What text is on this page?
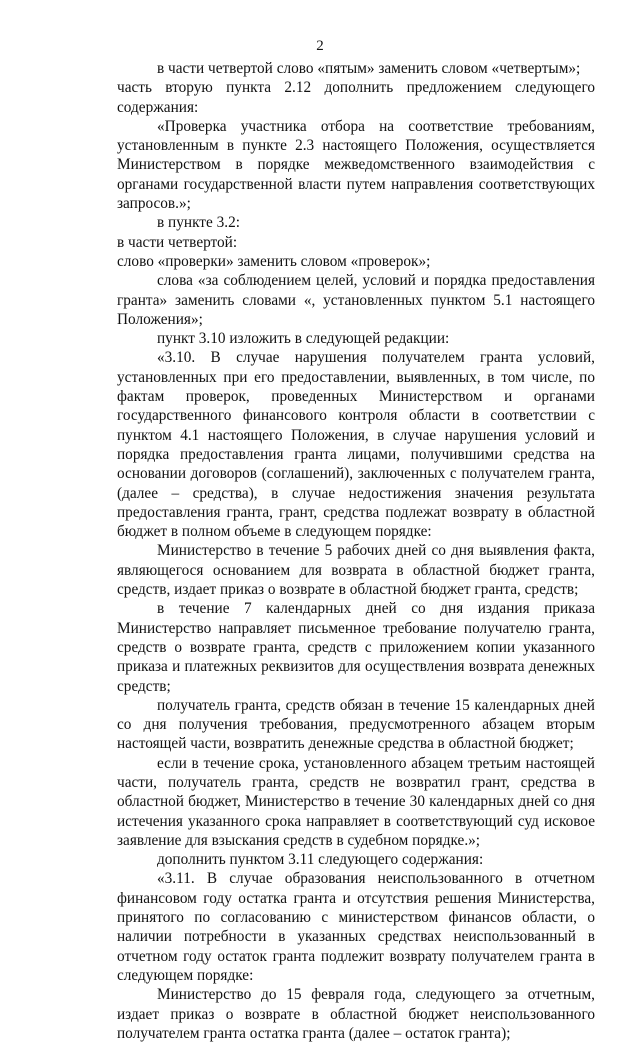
2

в части четвертой слово «пятым» заменить словом «четвертым»;

часть вторую пункта 2.12 дополнить предложением следующего содержания:

«Проверка участника отбора на соответствие требованиям, установленным в пункте 2.3 настоящего Положения, осуществляется Министерством в порядке межведомственного взаимодействия с органами государственной власти путем направления соответствующих запросов.»;

в пункте 3.2:

в части четвертой:

слово «проверки» заменить словом «проверок»;

слова «за соблюдением целей, условий и порядка предоставления гранта» заменить словами «, установленных пунктом 5.1 настоящего Положения»;

пункт 3.10 изложить в следующей редакции:

«3.10. В случае нарушения получателем гранта условий, установленных при его предоставлении, выявленных, в том числе, по фактам проверок, проведенных Министерством и органами государственного финансового контроля области в соответствии с пунктом 4.1 настоящего Положения, в случае нарушения условий и порядка предоставления гранта лицами, получившими средства на основании договоров (соглашений), заключенных с получателем гранта, (далее – средства), в случае недостижения значения результата предоставления гранта, грант, средства подлежат возврату в областной бюджет в полном объеме в следующем порядке:

Министерство в течение 5 рабочих дней со дня выявления факта, являющегося основанием для возврата в областной бюджет гранта, средств, издает приказ о возврате в областной бюджет гранта, средств;

в течение 7 календарных дней со дня издания приказа Министерство направляет письменное требование получателю гранта, средств о возврате гранта, средств с приложением копии указанного приказа и платежных реквизитов для осуществления возврата денежных средств;

получатель гранта, средств обязан в течение 15 календарных дней со дня получения требования, предусмотренного абзацем вторым настоящей части, возвратить денежные средства в областной бюджет;

если в течение срока, установленного абзацем третьим настоящей части, получатель гранта, средств не возвратил грант, средства в областной бюджет, Министерство в течение 30 календарных дней со дня истечения указанного срока направляет в соответствующий суд исковое заявление для взыскания средств в судебном порядке.»;

дополнить пунктом 3.11 следующего содержания:

«3.11. В случае образования неиспользованного в отчетном финансовом году остатка гранта и отсутствия решения Министерства, принятого по согласованию с министерством финансов области, о наличии потребности в указанных средствах неиспользованный в отчетном году остаток гранта подлежит возврату получателем гранта в следующем порядке:

Министерство до 15 февраля года, следующего за отчетным, издает приказ о возврате в областной бюджет неиспользованного получателем гранта остатка гранта (далее – остаток гранта);
